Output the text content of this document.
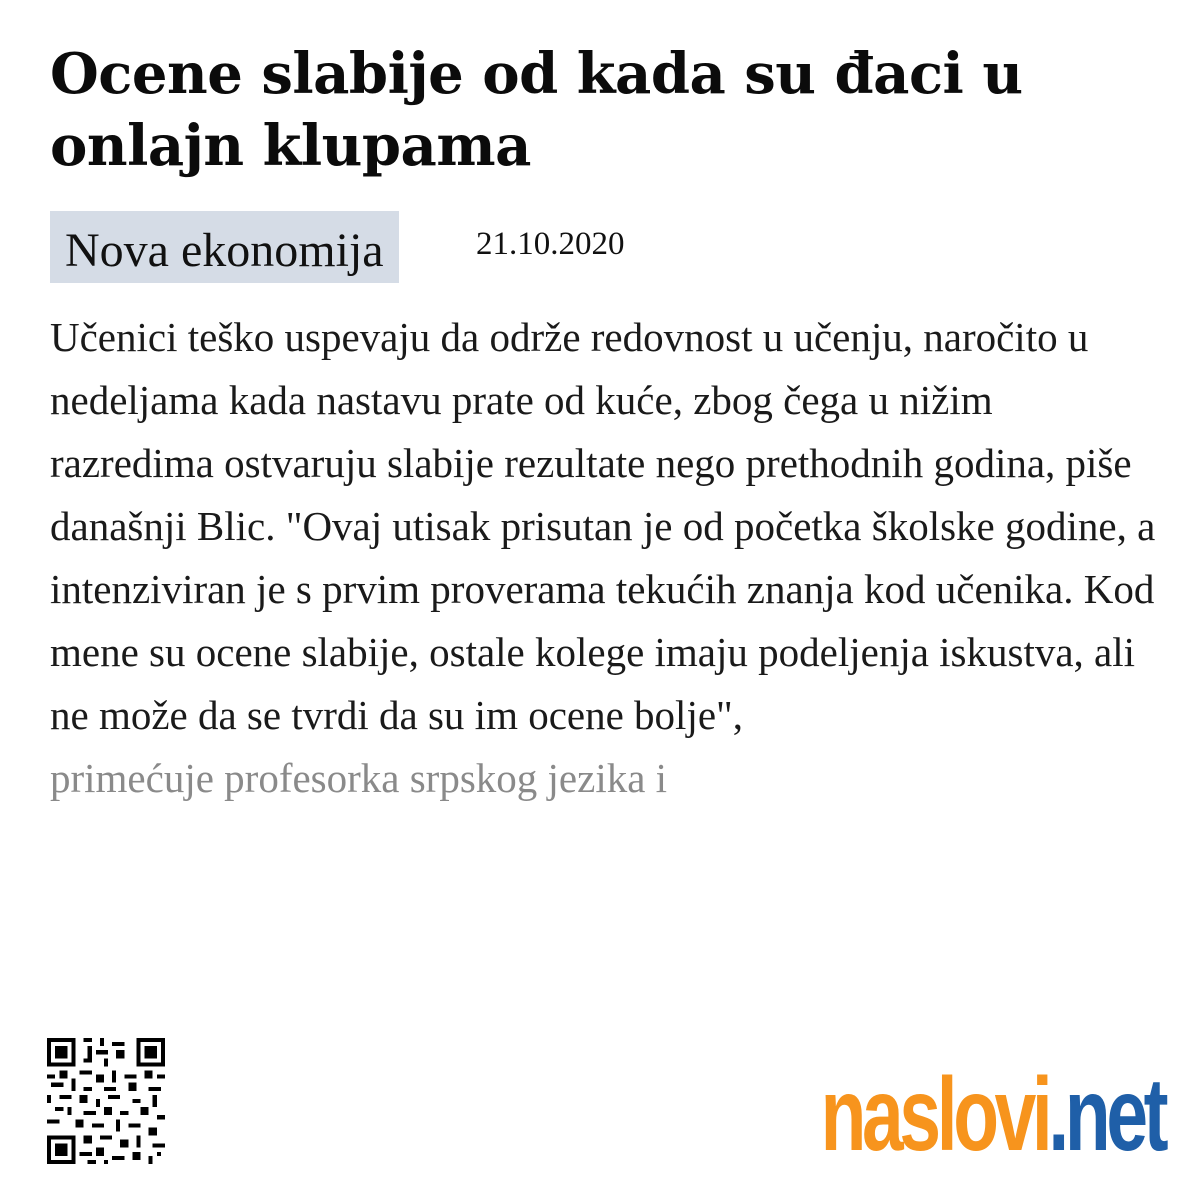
Ocene slabije od kada su đaci u onlajn klupama
Nova ekonomija	21.10.2020

Učenici teško uspevaju da održe redovnost u učenju, naročito u nedeljama kada nastavu prate od kuće, zbog čega u nižim razredima ostvaruju slabije rezultate nego prethodnih godina, piše današnji Blic. "Ovaj utisak prisutan je od početka školske godine, a intenziviran je s prvim proverama tekućih znanja kod učenika. Kod mene su ocene slabije, ostale kolege imaju podeljenja iskustva, ali ne može da se tvrdi da su im ocene bolje",
primećuje profesorka srpskog jezika i

naslovi.net
